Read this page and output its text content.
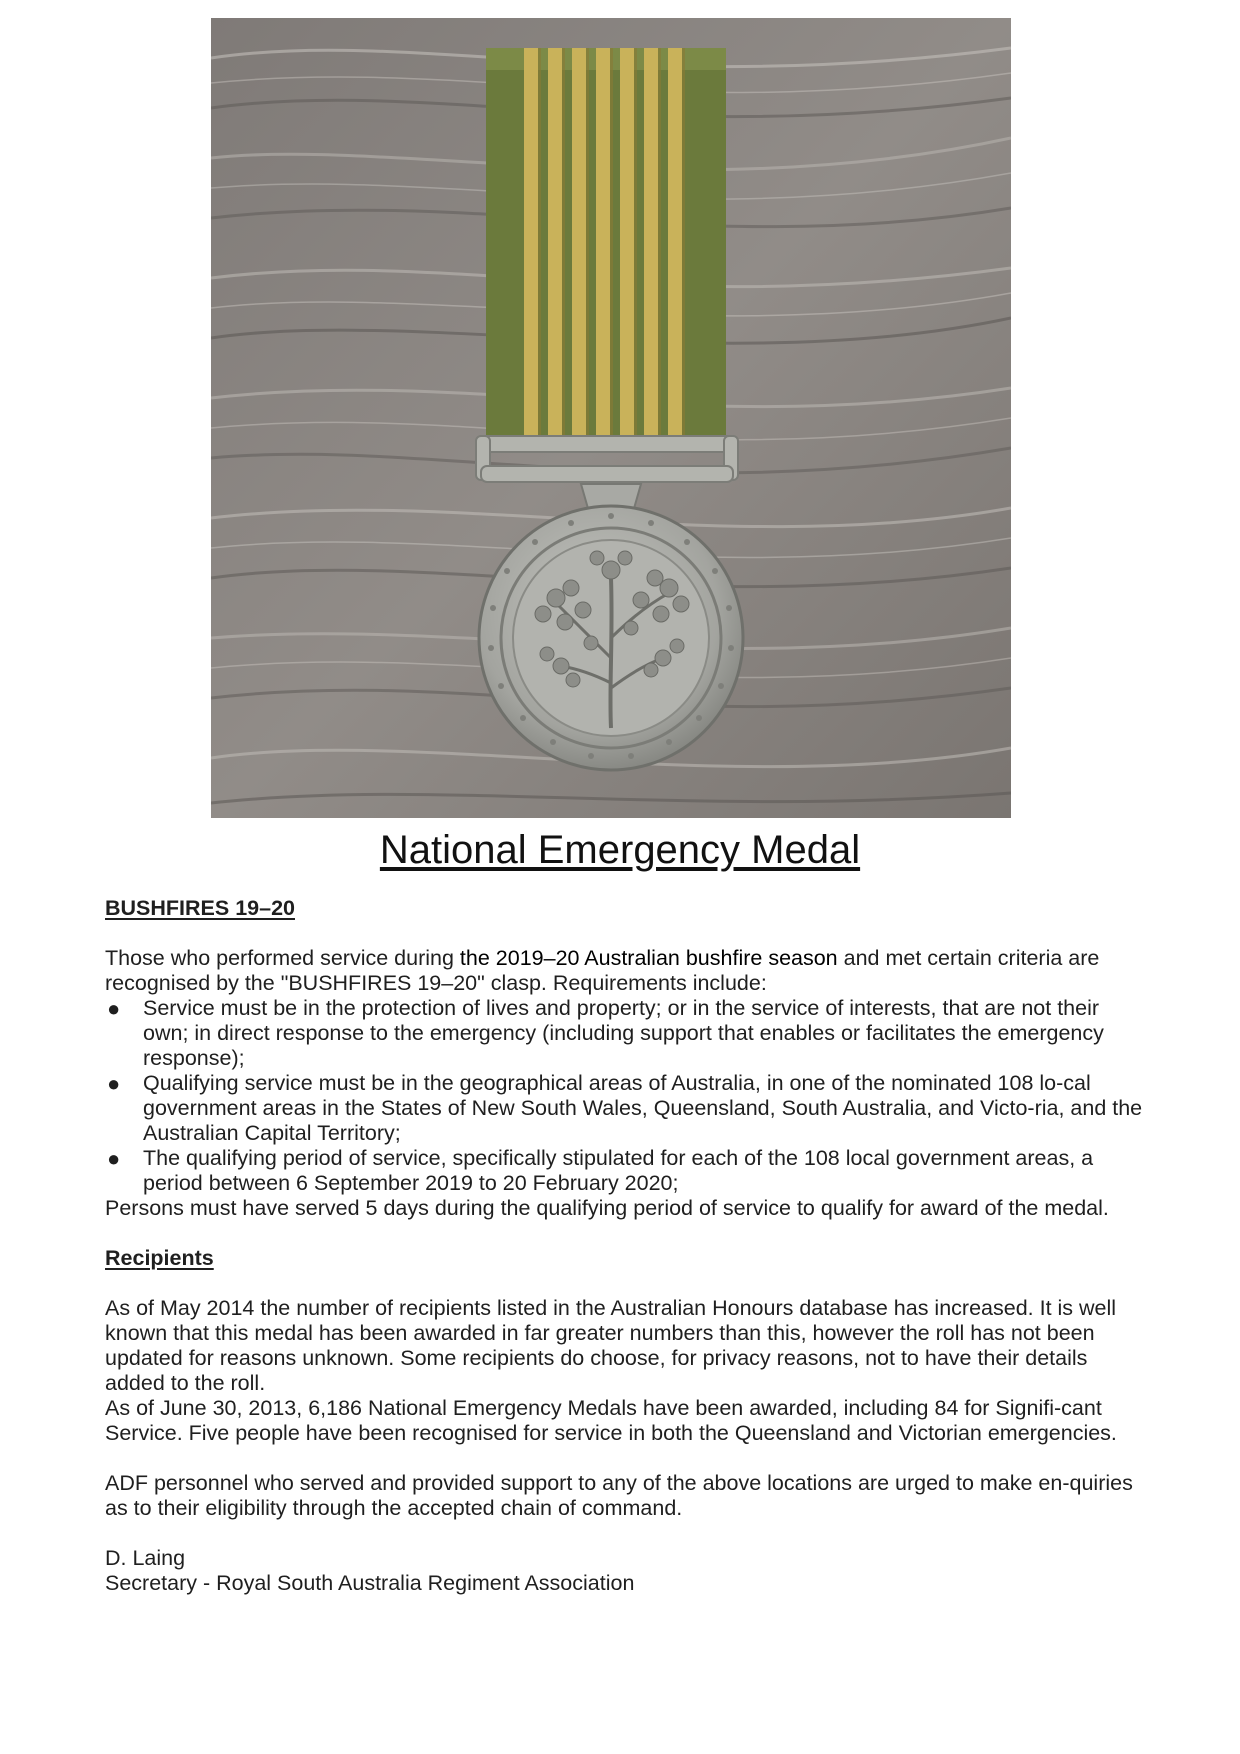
National Emergency Medal

BUSHFIRES 19–20

Those who performed service during the 2019–20 Australian bushfire season and met certain criteria are recognised by the "BUSHFIRES 19–20" clasp. Requirements include:

● Service must be in the protection of lives and property; or in the service of interests, that are not their own; in direct response to the emergency (including support that enables or facilitates the emergency response);
● Qualifying service must be in the geographical areas of Australia, in one of the nominated 108 lo-cal government areas in the States of New South Wales, Queensland, South Australia, and Victo-ria, and the Australian Capital Territory;
● The qualifying period of service, specifically stipulated for each of the 108 local government areas, a period between 6 September 2019 to 20 February 2020;

Persons must have served 5 days during the qualifying period of service to qualify for award of the medal.

Recipients

As of May 2014 the number of recipients listed in the Australian Honours database has increased. It is well known that this medal has been awarded in far greater numbers than this, however the roll has not been updated for reasons unknown. Some recipients do choose, for privacy reasons, not to have their details added to the roll.

As of June 30, 2013, 6,186 National Emergency Medals have been awarded, including 84 for Signifi-cant Service. Five people have been recognised for service in both the Queensland and Victorian emergencies.

ADF personnel who served and provided support to any of the above locations are urged to make en-quiries as to their eligibility through the accepted chain of command.

D. Laing

Secretary - Royal South Australia Regiment Association
